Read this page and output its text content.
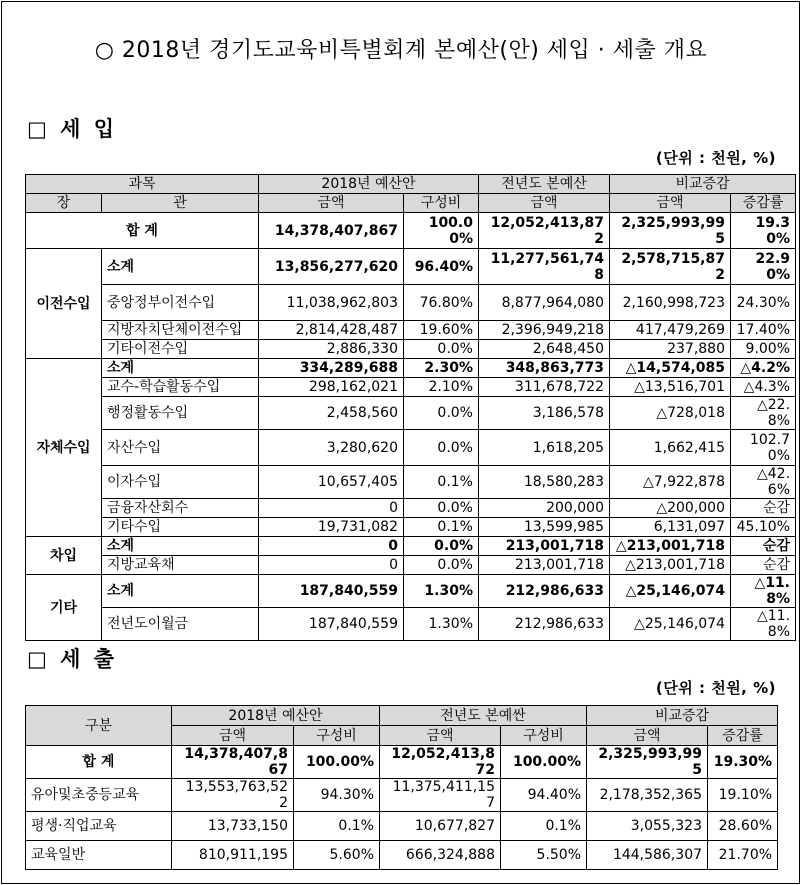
○ 2018년 경기도교육비특별회계 본예산(안) 세입 · 세출 개요
□ 세 입
(단위 : 천원, %)
과목		2018년 예산안		전년도 본예산	비교증감	
장	관	금액	구성비	금액	금액	증감률
합 계		14,378,407,867	100.00%	12,052,413,872	2,325,993,995	19.30%
이전수입	소계	13,856,277,620	96.40%	11,277,561,748	2,578,715,872	22.90%
	중앙정부이전수입	11,038,962,803	76.80%	8,877,964,080	2,160,998,723	24.30%
	지방자치단체이전수입	2,814,428,487	19.60%	2,396,949,218	417,479,269	17.40%
	기타이전수입	2,886,330	0.0%	2,648,450	237,880	9.00%
자체수입	소계	334,289,688	2.30%	348,863,773	△14,574,085	△4.2%
	교수-학습활동수입	298,162,021	2.10%	311,678,722	△13,516,701	△4.3%
	행정활동수입	2,458,560	0.0%	3,186,578	△728,018	△22.8%
	자산수입	3,280,620	0.0%	1,618,205	1,662,415	102.70%
	이자수입	10,657,405	0.1%	18,580,283	△7,922,878	△42.6%
	금융자산회수	0	0.0%	200,000	△200,000	순감
	기타수입	19,731,082	0.1%	13,599,985	6,131,097	45.10%
차입	소계	0	0.0%	213,001,718	△213,001,718	순감
	지방교육채	0	0.0%	213,001,718	△213,001,718	순감
기타	소계	187,840,559	1.30%	212,986,633	△25,146,074	△11.8%
	전년도이월금	187,840,559	1.30%	212,986,633	△25,146,074	△11.8%
□ 세 출
(단위 : 천원, %)
구분	2018년 예산안		전년도 본예싼		비교증감	
	금액	구성비	금액	구성비	금액	증감률
합 계	14,378,407,867	100.00%	12,052,413,872	100.00%	2,325,993,995	19.30%
유아및초중등교육	13,553,763,522	94.30%	11,375,411,157	94.40%	2,178,352,365	19.10%
평생·직업교육	13,733,150	0.1%	10,677,827	0.1%	3,055,323	28.60%
교육일반	810,911,195	5.60%	666,324,888	5.50%	144,586,307	21.70%
